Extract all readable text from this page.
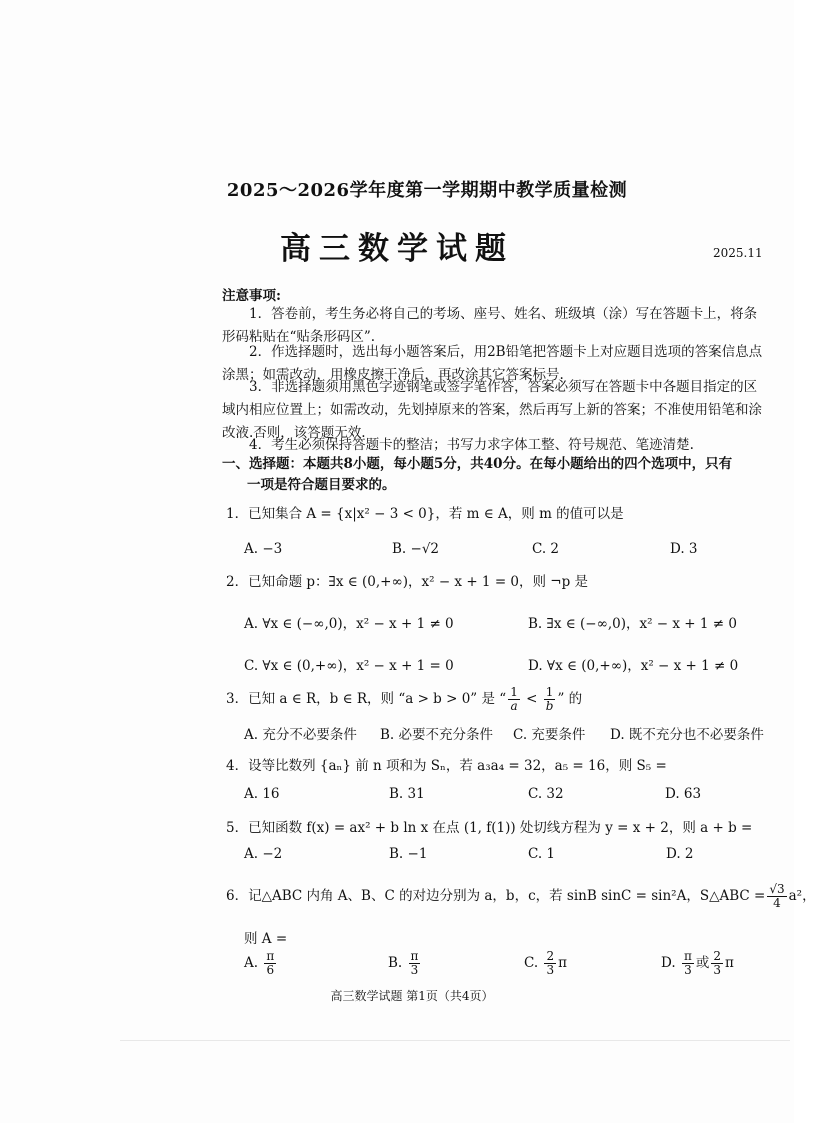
2025～2026学年度第一学期期中教学质量检测
高三数学试题	2025.11
注意事项:
1．答卷前，考生务必将自己的考场、座号、姓名、班级填（涂）写在答题卡上，将条形码粘贴在“贴条形码区”.
2．作选择题时，选出每小题答案后，用2B铅笔把答题卡上对应题目选项的答案信息点涂黑；如需改动，用橡皮擦干净后，再改涂其它答案标号.
3．非选择题须用黑色字迹钢笔或签字笔作答，答案必须写在答题卡中各题目指定的区域内相应位置上；如需改动，先划掉原来的答案，然后再写上新的答案；不准使用铅笔和涂改液.否则，该答题无效.
4．考生必须保持答题卡的整洁；书写力求字体工整、符号规范、笔迹清楚.
一、选择题：本题共8小题，每小题5分，共40分。在每小题给出的四个选项中，只有
一项是符合题目要求的。
1．已知集合 A = {x|x² − 3 < 0}，若 m ∈ A，则 m 的值可以是
A. −3	B. −√2	C. 2	D. 3
2．已知命题 p：∃x ∈ (0,+∞)，x² − x + 1 = 0，则 ¬p 是
A. ∀x ∈ (−∞,0)，x² − x + 1 ≠ 0	B. ∃x ∈ (−∞,0)，x² − x + 1 ≠ 0
C. ∀x ∈ (0,+∞)，x² − x + 1 = 0	D. ∀x ∈ (0,+∞)，x² − x + 1 ≠ 0
3．已知 a ∈ R，b ∈ R，则 “a > b > 0” 是 “ $\frac{1}{a} < \frac{1}{b}$ ” 的
A. 充分不必要条件 B. 必要不充分条件 C. 充要条件 D. 既不充分也不必要条件
4．设等比数列 {aₙ} 前 n 项和为 Sₙ，若 a₃a₄ = 32，a₅ = 16，则 S₅ =
A. 16	B. 31	C. 32	D. 63
5．已知函数 f(x) = ax² + b ln x 在点 (1, f(1)) 处切线方程为 y = x + 2，则 a + b =
A. −2	B. −1	C. 1	D. 2
6．记△ABC 内角 A、B、C 的对边分别为 a，b，c，若 sinB sinC = sin²A，S△ABC = $\frac{√3}{4} a^2$，
则 A =
A. $\frac{\pi}{6}$	B. $\frac{\pi}{3}$	C. $\frac{2}{3}$ π	D. $\frac{\pi}{3}$ 或 $\frac{2}{3}$ π
高三数学试题 第1页（共4页）
